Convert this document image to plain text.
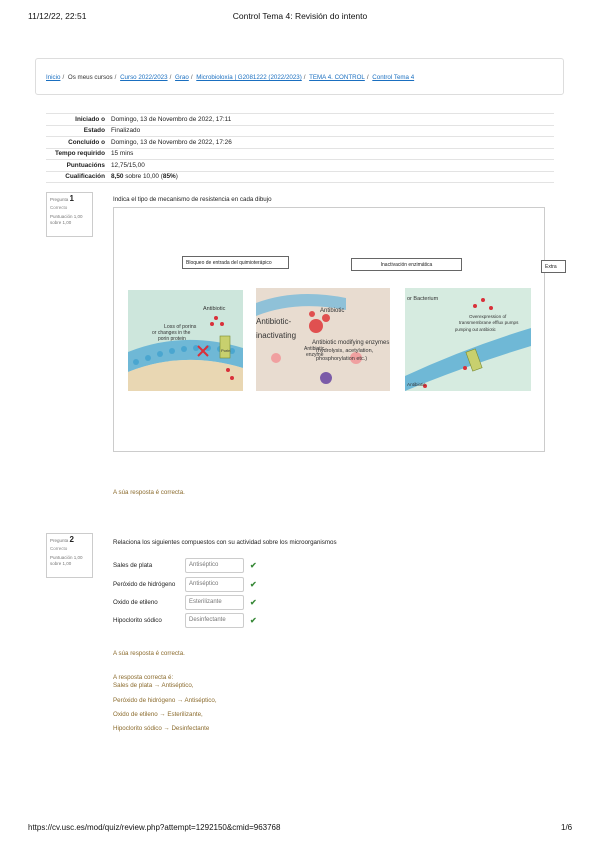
11/12/22, 22:51	Control Tema 4: Revisión do intento
Inicio / Os meus cursos / Curso 2022/2023 / Grao / Microbioloxía | G2081222 (2022/2023) / TEMA 4. CONTROL / Control Tema 4
Iniciado o Domingo, 13 de Novembro de 2022, 17:11
Estado Finalizado
Concluído o Domingo, 13 de Novembro de 2022, 17:26
Tempo requirido 15 mins
Puntuacións 12,75/15,00
Cualificación 8,50 sobre 10,00 (85%)
Pregunta 1
Correcto
Puntuación 1,00
sobre 1,00
Indica el tipo de mecanismo de resistencia en cada dibujo
Bloqueo de entrada del quimioterápico	Inactivación enzimática
Antibiotic
Loss of porins
or changes in the
porin protein
Porin
Antibiotic
Antibiotic-
inactivating
Antibiotic
enzyme
Antibiotic modifying enzymes
(hydrolysis, acetylation,
phosphorylation etc.)
or Bacterium
Overexpression of
transmembrane efflux pumps
pumping out antibiotic
Antibiotic
Extra
A súa resposta é correcta.
Pregunta 2
Correcto
Puntuación 1,00
sobre 1,00
Relaciona los siguientes compuestos con su actividad sobre los microorganismos
Sales de plata	Antiséptico	✔
Peróxido de hidrógeno	Antiséptico	✔
Oxido de etileno	Esterilizante	✔
Hipoclorito sódico	Desinfectante	✔
A súa resposta é correcta.
A resposta correcta é:
Sales de plata → Antiséptico,
Peróxido de hidrógeno → Antiséptico,
Oxido de etileno → Esterilizante,
Hipoclorito sódico → Desinfectante
https://cv.usc.es/mod/quiz/review.php?attempt=1292150&cmid=963768	1/6
